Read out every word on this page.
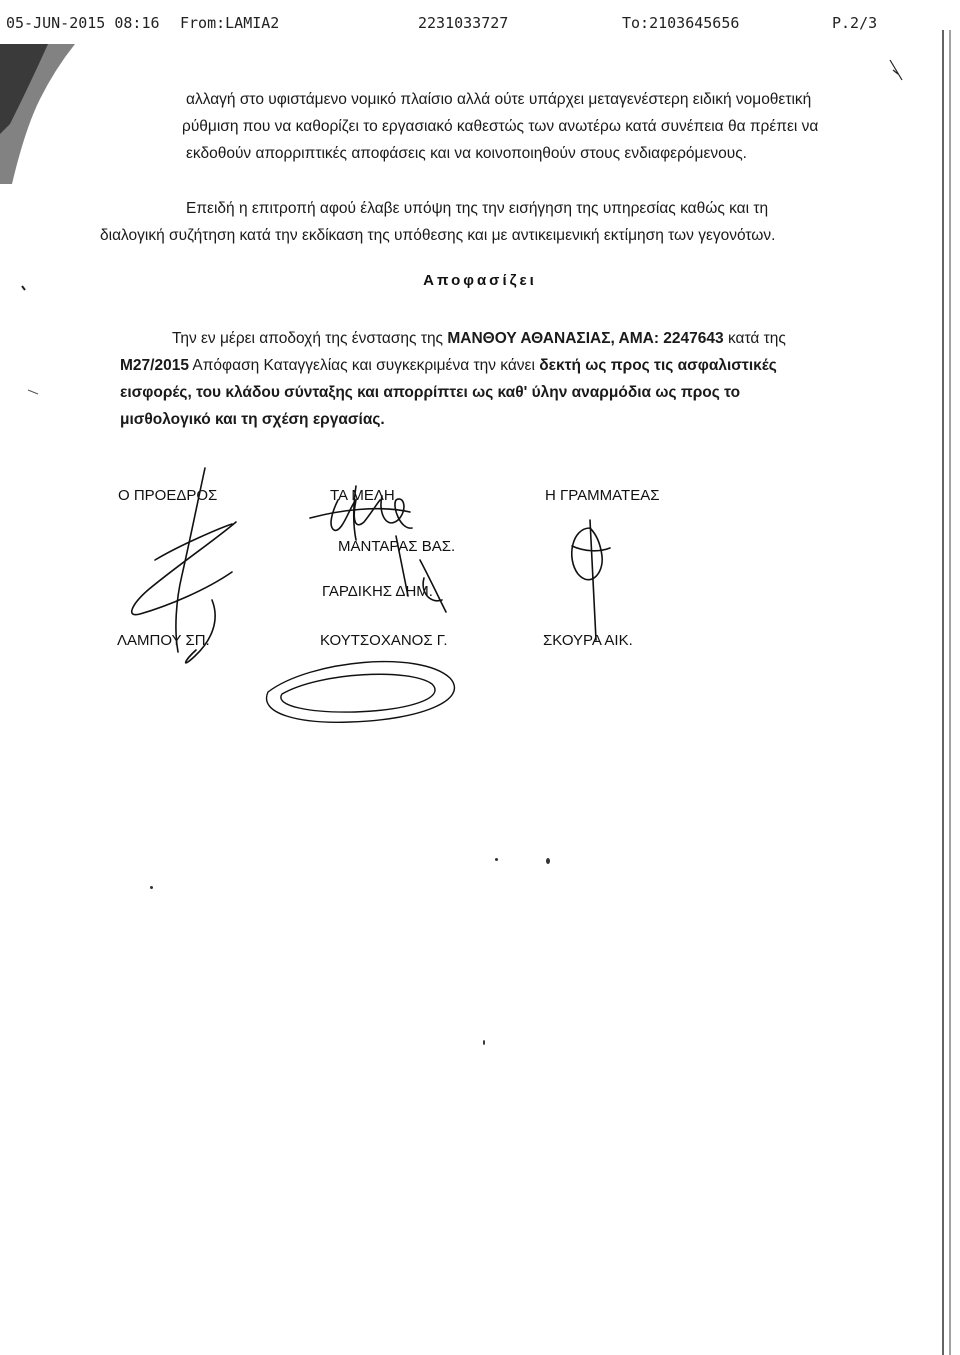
05-JUN-2015 08:16 From:LAMIA2	2231033727	To:2103645656	P.2/3

αλλαγή στο υφιστάμενο νομικό πλαίσιο αλλά ούτε υπάρχει μεταγενέστερη ειδική νομοθετική

ρύθμιση που να καθορίζει το εργασιακό καθεστώς των ανωτέρω κατά συνέπεια θα πρέπει να

εκδοθούν απορριπτικές αποφάσεις και να κοινοποιηθούν στους ενδιαφερόμενους.

Επειδή η επιτροπή αφού έλαβε υπόψη της την εισήγηση της υπηρεσίας καθώς και τη

διαλογική συζήτηση κατά την εκδίκαση της υπόθεσης και με αντικειμενική εκτίμηση των γεγονότων.

Αποφασίζει

Την εν μέρει αποδοχή της ένστασης της ΜΑΝΘΟΥ ΑΘΑΝΑΣΙΑΣ, ΑΜΑ: 2247643 κατά της

Μ27/2015 Απόφαση Καταγγελίας και συγκεκριμένα την κάνει δεκτή ως προς τις ασφαλιστικές

εισφορές, του κλάδου σύνταξης και απορρίπτει ως καθ' ύλην αναρμόδια ως προς το

μισθολογικό και τη σχέση εργασίας.

Ο ΠΡΟΕΔΡΟΣ
ΛΑΜΠΟΥ ΣΠ.
ΤΑ ΜΕΛΗ
ΜΑΝΤΑΡΑΣ ΒΑΣ.
ΓΑΡΔΙΚΗΣ ΔΗΜ.
ΚΟΥΤΣΟΧΑΝΟΣ Γ.
Η ΓΡΑΜΜΑΤΕΑΣ
ΣΚΟΥΡΑ ΑΙΚ.
